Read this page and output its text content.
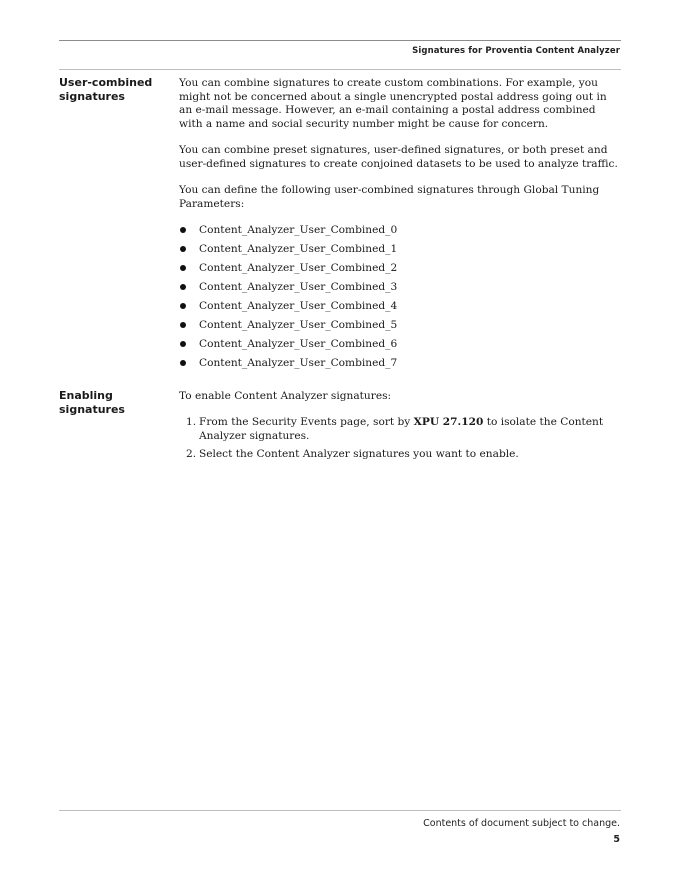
Signatures for Proventia Content Analyzer
User-combined
signatures

You can combine signatures to create custom combinations. For example, you might not be concerned about a single unencrypted postal address going out in an e-mail message. However, an e-mail containing a postal address combined with a name and social security number might be cause for concern.

You can combine preset signatures, user-defined signatures, or both preset and user-defined signatures to create conjoined datasets to be used to analyze traffic.

You can define the following user-combined signatures through Global Tuning Parameters:

Content_Analyzer_User_Combined_0
Content_Analyzer_User_Combined_1
Content_Analyzer_User_Combined_2
Content_Analyzer_User_Combined_3
Content_Analyzer_User_Combined_4
Content_Analyzer_User_Combined_5
Content_Analyzer_User_Combined_6
Content_Analyzer_User_Combined_7
Enabling signatures

To enable Content Analyzer signatures:

1. From the Security Events page, sort by XPU 27.120 to isolate the Content Analyzer signatures.
2. Select the Content Analyzer signatures you want to enable.
Contents of document subject to change.
5
